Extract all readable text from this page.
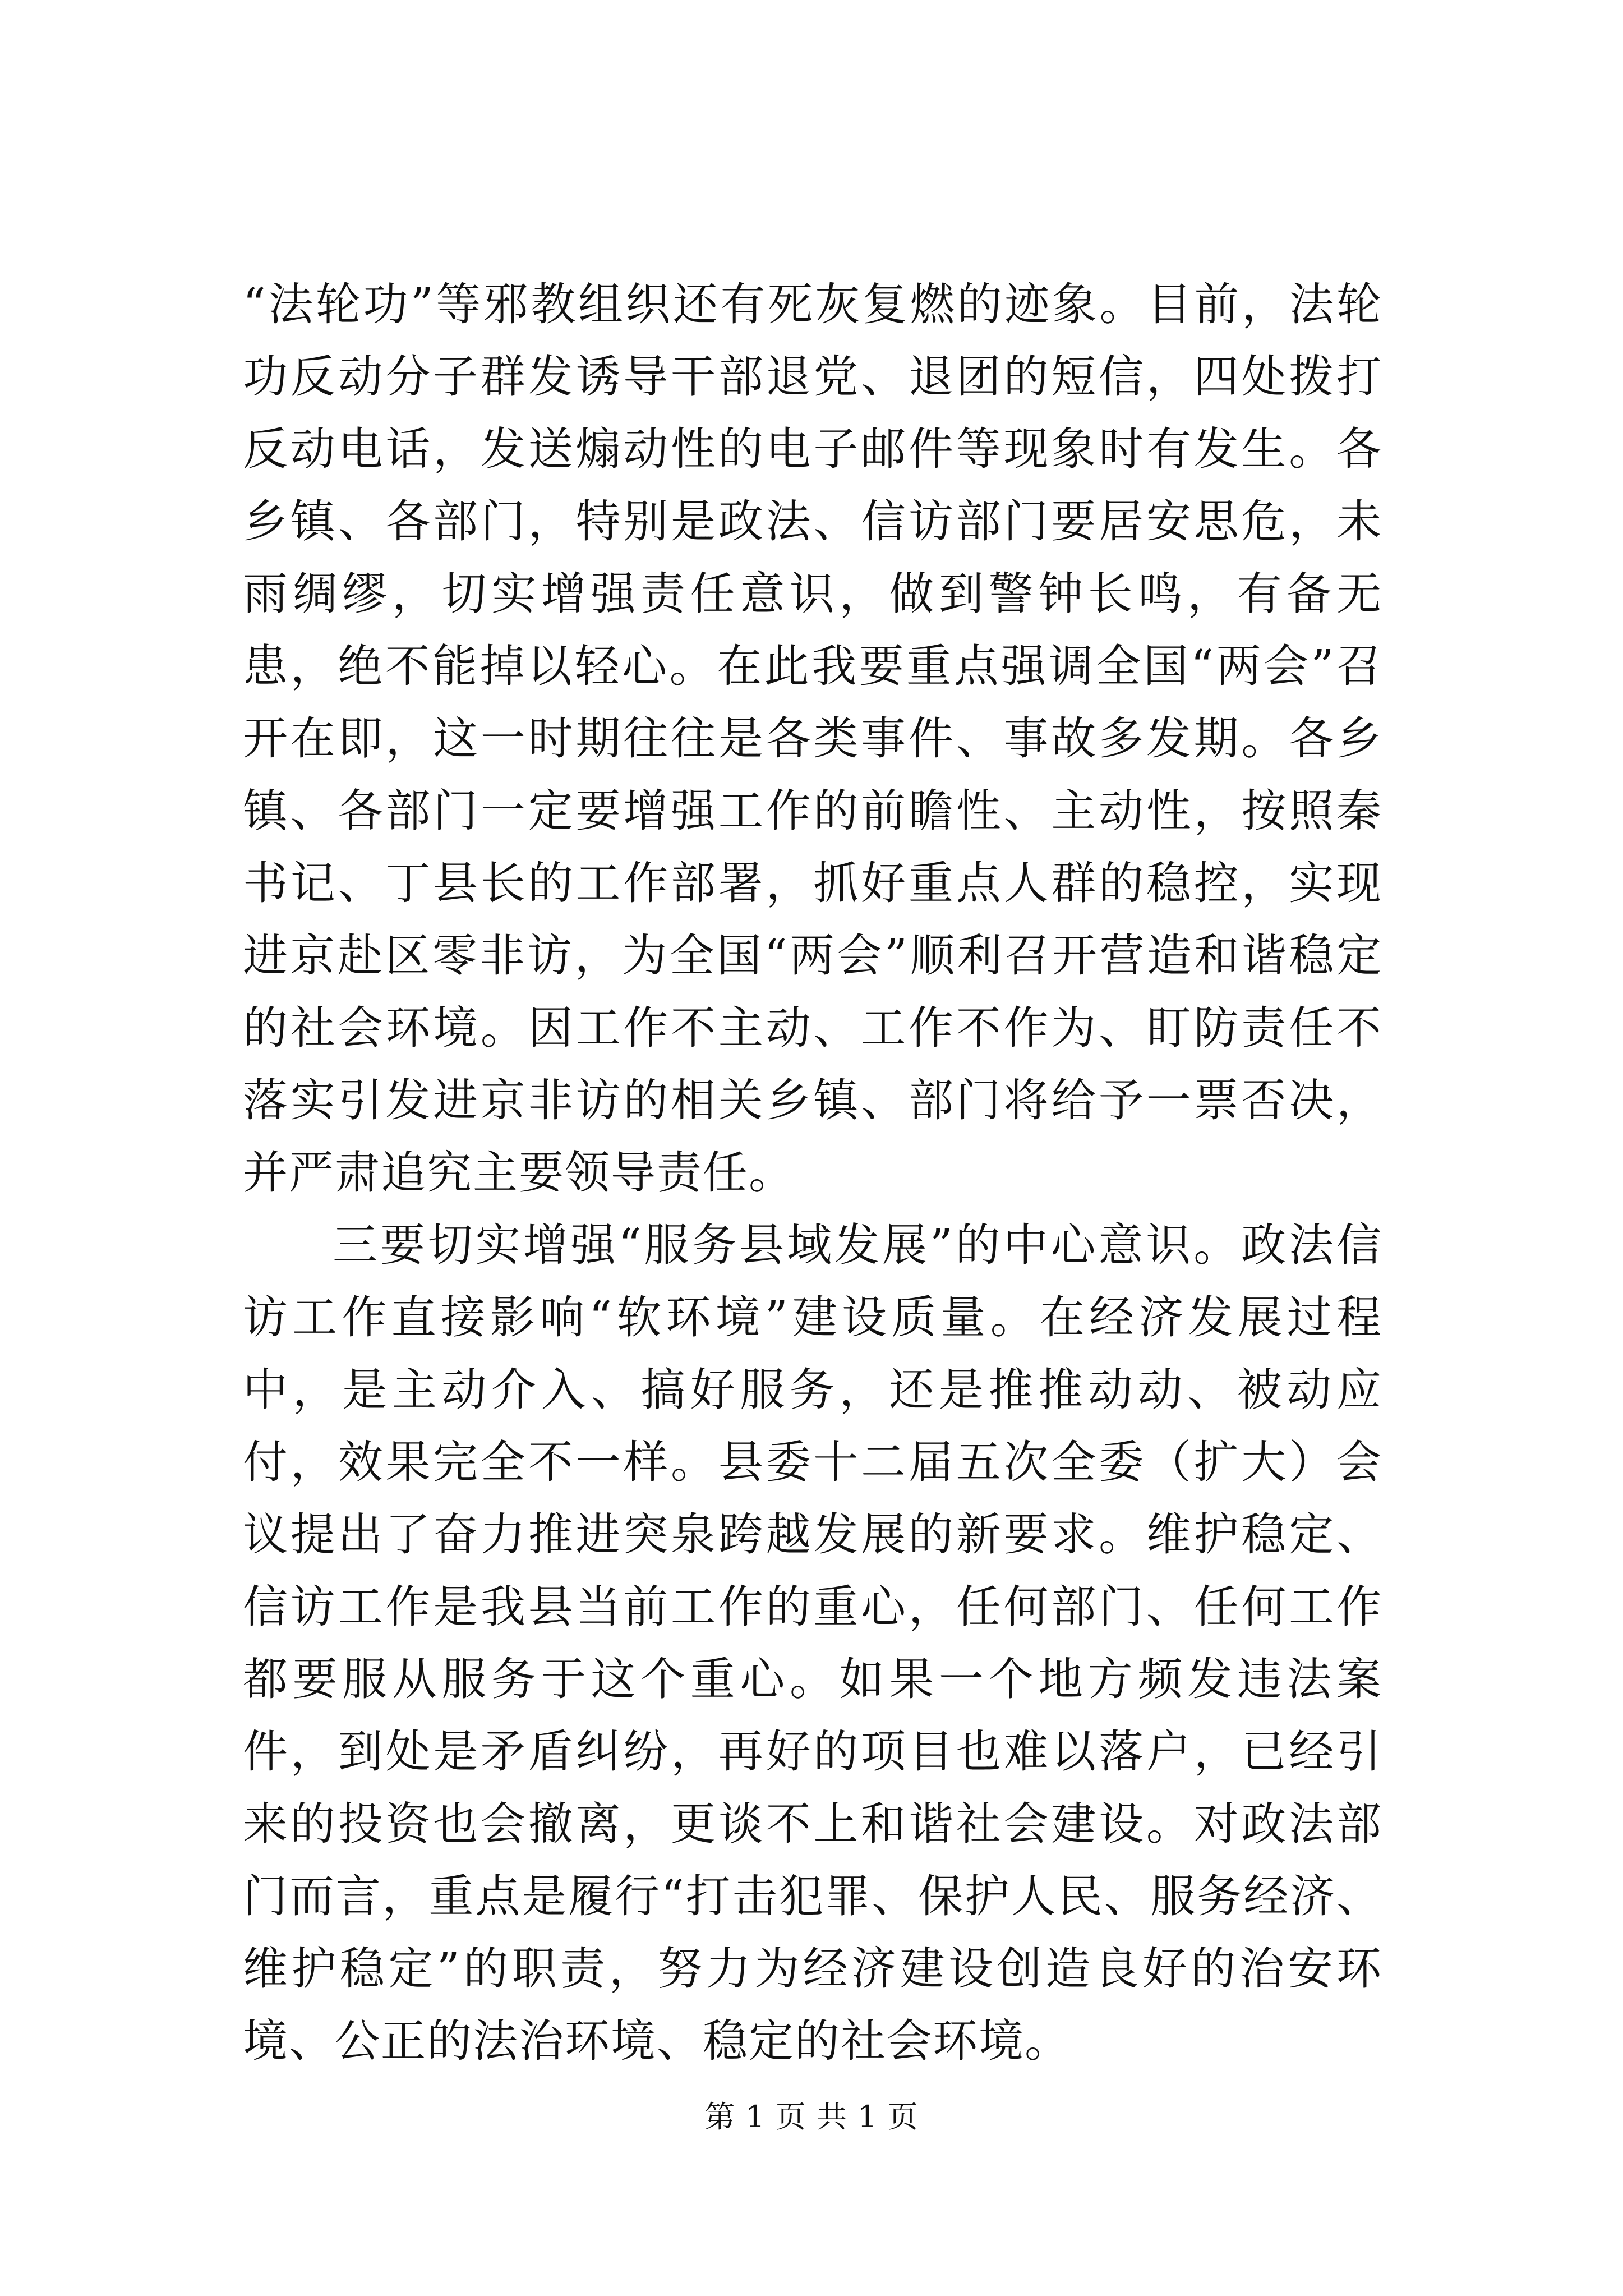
“法轮功”等邪教组织还有死灰复燃的迹象。目前，法轮功反动分子群发诱导干部退党、退团的短信，四处拨打反动电话，发送煽动性的电子邮件等现象时有发生。各乡镇、各部门，特别是政法、信访部门要居安思危，未雨绸缪，切实增强责任意识，做到警钟长鸣，有备无患，绝不能掉以轻心。在此我要重点强调全国“两会”召开在即，这一时期往往是各类事件、事故多发期。各乡镇、各部门一定要增强工作的前瞻性、主动性，按照秦书记、丁县长的工作部署，抓好重点人群的稳控，实现进京赴区零非访，为全国“两会”顺利召开营造和谐稳定的社会环境。因工作不主动、工作不作为、盯防责任不落实引发进京非访的相关乡镇、部门将给予一票否决，并严肃追究主要领导责任。

三要切实增强“服务县域发展”的中心意识。政法信访工作直接影响“软环境”建设质量。在经济发展过程中，是主动介入、搞好服务，还是推推动动、被动应付，效果完全不一样。县委十二届五次全委（扩大）会议提出了奋力推进突泉跨越发展的新要求。维护稳定、信访工作是我县当前工作的重心，任何部门、任何工作都要服从服务于这个重心。如果一个地方频发违法案件，到处是矛盾纠纷，再好的项目也难以落户，已经引来的投资也会撤离，更谈不上和谐社会建设。对政法部门而言，重点是履行“打击犯罪、保护人民、服务经济、维护稳定”的职责，努力为经济建设创造良好的治安环境、公正的法治环境、稳定的社会环境。

第 1 页 共 1 页
